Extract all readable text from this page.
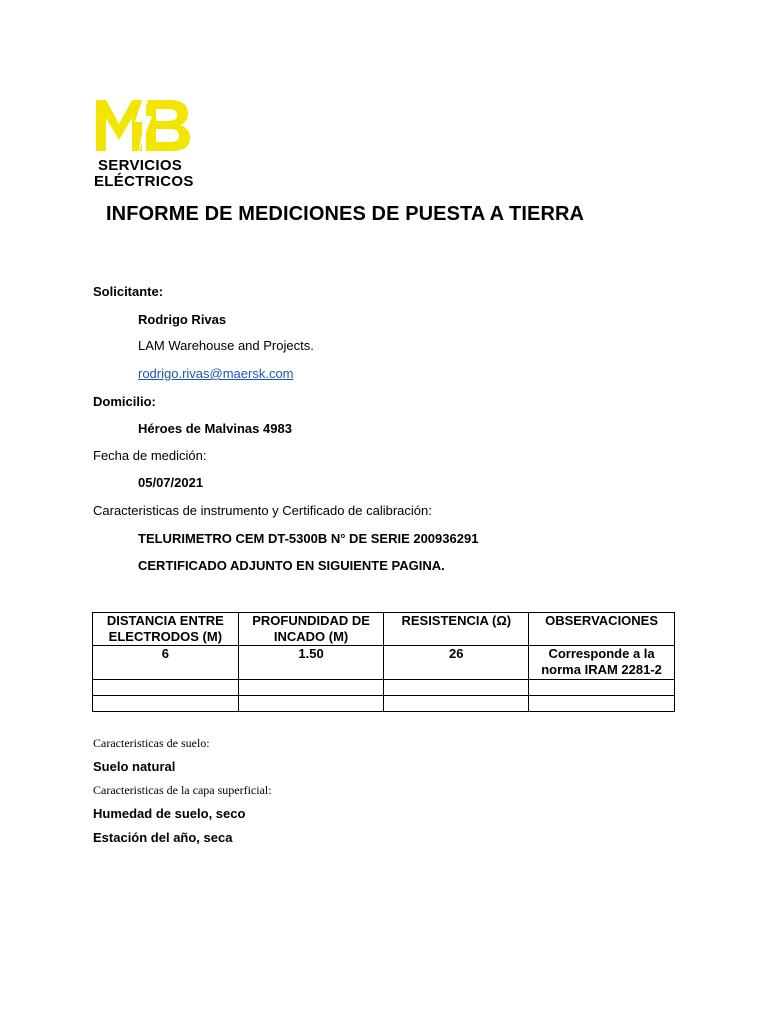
SERVICIOS
ELÉCTRICOS
INFORME DE MEDICIONES DE PUESTA A TIERRA
Solicitante:
Rodrigo Rivas
LAM Warehouse and Projects.
rodrigo.rivas@maersk.com
Domicilio:
Héroes de Malvinas 4983
Fecha de medición:
05/07/2021
Caracteristicas de instrumento y Certificado de calibración:
TELURIMETRO CEM DT-5300B N° DE SERIE 200936291
CERTIFICADO ADJUNTO EN SIGUIENTE PAGINA.
DISTANCIA ENTRE ELECTRODOS (M)	PROFUNDIDAD DE INCADO (M)	RESISTENCIA (Ω)	OBSERVACIONES
6	1.50	26	Corresponde a la norma IRAM 2281-2

Caracteristicas de suelo:
Suelo natural
Caracteristicas de la capa superficial:
Humedad de suelo, seco
Estación del año, seca
